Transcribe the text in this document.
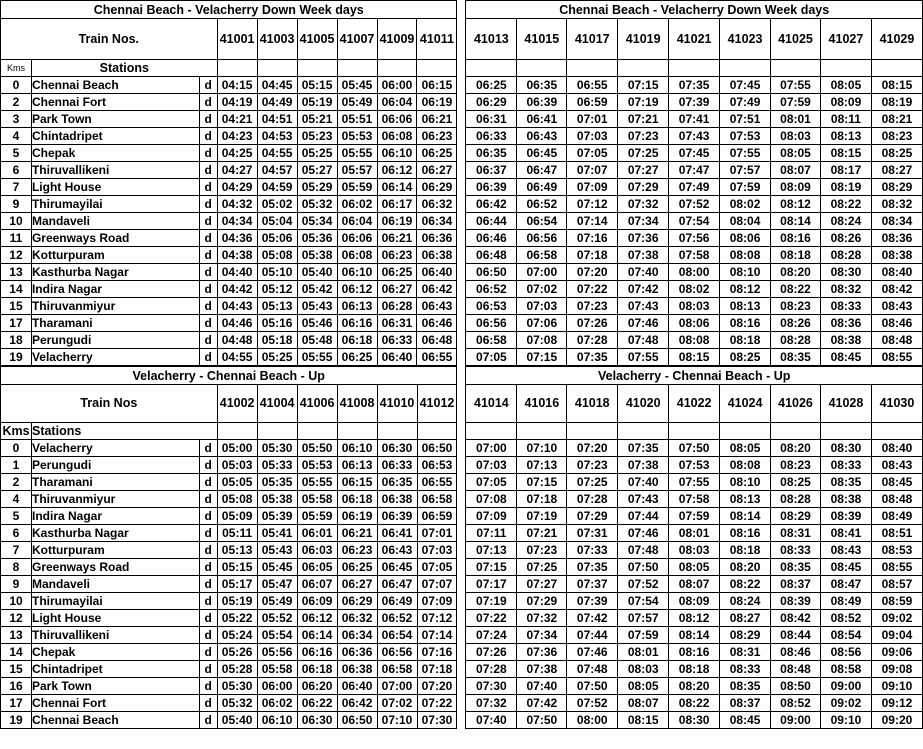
Chennai Beach - Velacherry Down Week days										Chennai Beach - Velacherry Down Week days								
Train Nos.			41001	41003	41005	41007	41009	41011		41013	41015	41017	41019	41021	41023	41025	41027	41029
Kms	Stations																	
0	Chennai Beach	d	04:15	04:45	05:15	05:45	06:00	06:15		06:25	06:35	06:55	07:15	07:35	07:45	07:55	08:05	08:15
2	Chennai Fort	d	04:19	04:49	05:19	05:49	06:04	06:19		06:29	06:39	06:59	07:19	07:39	07:49	07:59	08:09	08:19
3	Park Town	d	04:21	04:51	05:21	05:51	06:06	06:21		06:31	06:41	07:01	07:21	07:41	07:51	08:01	08:11	08:21
4	Chintadripet	d	04:23	04:53	05:23	05:53	06:08	06:23		06:33	06:43	07:03	07:23	07:43	07:53	08:03	08:13	08:23
5	Chepak	d	04:25	04:55	05:25	05:55	06:10	06:25		06:35	06:45	07:05	07:25	07:45	07:55	08:05	08:15	08:25
6	Thiruvallikeni	d	04:27	04:57	05:27	05:57	06:12	06:27		06:37	06:47	07:07	07:27	07:47	07:57	08:07	08:17	08:27
7	Light House	d	04:29	04:59	05:29	05:59	06:14	06:29		06:39	06:49	07:09	07:29	07:49	07:59	08:09	08:19	08:29
9	Thirumayilai	d	04:32	05:02	05:32	06:02	06:17	06:32		06:42	06:52	07:12	07:32	07:52	08:02	08:12	08:22	08:32
10	Mandaveli	d	04:34	05:04	05:34	06:04	06:19	06:34		06:44	06:54	07:14	07:34	07:54	08:04	08:14	08:24	08:34
11	Greenways Road	d	04:36	05:06	05:36	06:06	06:21	06:36		06:46	06:56	07:16	07:36	07:56	08:06	08:16	08:26	08:36
12	Kotturpuram	d	04:38	05:08	05:38	06:08	06:23	06:38		06:48	06:58	07:18	07:38	07:58	08:08	08:18	08:28	08:38
13	Kasthurba Nagar	d	04:40	05:10	05:40	06:10	06:25	06:40		06:50	07:00	07:20	07:40	08:00	08:10	08:20	08:30	08:40
14	Indira Nagar	d	04:42	05:12	05:42	06:12	06:27	06:42		06:52	07:02	07:22	07:42	08:02	08:12	08:22	08:32	08:42
15	Thiruvanmiyur	d	04:43	05:13	05:43	06:13	06:28	06:43		06:53	07:03	07:23	07:43	08:03	08:13	08:23	08:33	08:43
17	Tharamani	d	04:46	05:16	05:46	06:16	06:31	06:46		06:56	07:06	07:26	07:46	08:06	08:16	08:26	08:36	08:46
18	Perungudi	d	04:48	05:18	05:48	06:18	06:33	06:48		06:58	07:08	07:28	07:48	08:08	08:18	08:28	08:38	08:48
19	Velacherry	d	04:55	05:25	05:55	06:25	06:40	06:55		07:05	07:15	07:35	07:55	08:15	08:25	08:35	08:45	08:55
Velacherry - Chennai Beach - Up										Velacherry - Chennai Beach - Up								
Train Nos			41002	41004	41006	41008	41010	41012		41014	41016	41018	41020	41022	41024	41026	41028	41030
Kms	Stations																	
0	Velacherry	d	05:00	05:30	05:50	06:10	06:30	06:50		07:00	07:10	07:20	07:35	07:50	08:05	08:20	08:30	08:40
1	Perungudi	d	05:03	05:33	05:53	06:13	06:33	06:53		07:03	07:13	07:23	07:38	07:53	08:08	08:23	08:33	08:43
2	Tharamani	d	05:05	05:35	05:55	06:15	06:35	06:55		07:05	07:15	07:25	07:40	07:55	08:10	08:25	08:35	08:45
4	Thiruvanmiyur	d	05:08	05:38	05:58	06:18	06:38	06:58		07:08	07:18	07:28	07:43	07:58	08:13	08:28	08:38	08:48
5	Indira Nagar	d	05:09	05:39	05:59	06:19	06:39	06:59		07:09	07:19	07:29	07:44	07:59	08:14	08:29	08:39	08:49
6	Kasthurba Nagar	d	05:11	05:41	06:01	06:21	06:41	07:01		07:11	07:21	07:31	07:46	08:01	08:16	08:31	08:41	08:51
7	Kotturpuram	d	05:13	05:43	06:03	06:23	06:43	07:03		07:13	07:23	07:33	07:48	08:03	08:18	08:33	08:43	08:53
8	Greenways Road	d	05:15	05:45	06:05	06:25	06:45	07:05		07:15	07:25	07:35	07:50	08:05	08:20	08:35	08:45	08:55
9	Mandaveli	d	05:17	05:47	06:07	06:27	06:47	07:07		07:17	07:27	07:37	07:52	08:07	08:22	08:37	08:47	08:57
10	Thirumayilai	d	05:19	05:49	06:09	06:29	06:49	07:09		07:19	07:29	07:39	07:54	08:09	08:24	08:39	08:49	08:59
12	Light House	d	05:22	05:52	06:12	06:32	06:52	07:12		07:22	07:32	07:42	07:57	08:12	08:27	08:42	08:52	09:02
13	Thiruvallikeni	d	05:24	05:54	06:14	06:34	06:54	07:14		07:24	07:34	07:44	07:59	08:14	08:29	08:44	08:54	09:04
14	Chepak	d	05:26	05:56	06:16	06:36	06:56	07:16		07:26	07:36	07:46	08:01	08:16	08:31	08:46	08:56	09:06
15	Chintadripet	d	05:28	05:58	06:18	06:38	06:58	07:18		07:28	07:38	07:48	08:03	08:18	08:33	08:48	08:58	09:08
16	Park Town	d	05:30	06:00	06:20	06:40	07:00	07:20		07:30	07:40	07:50	08:05	08:20	08:35	08:50	09:00	09:10
17	Chennai Fort	d	05:32	06:02	06:22	06:42	07:02	07:22		07:32	07:42	07:52	08:07	08:22	08:37	08:52	09:02	09:12
19	Chennai Beach	d	05:40	06:10	06:30	06:50	07:10	07:30		07:40	07:50	08:00	08:15	08:30	08:45	09:00	09:10	09:20
